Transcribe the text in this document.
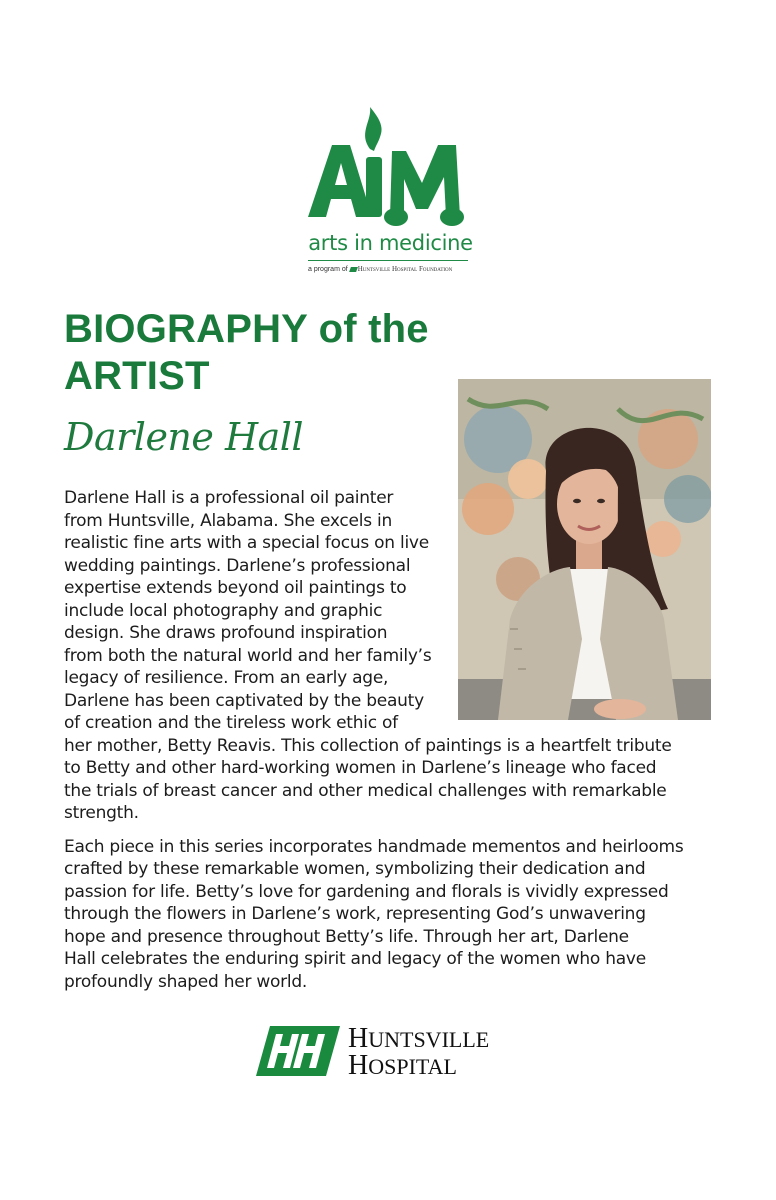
arts in medicine
a program of Huntsville Hospital Foundation
BIOGRAPHY of the
ARTIST
Darlene Hall

Darlene Hall is a professional oil painter
from Huntsville, Alabama. She excels in
realistic fine arts with a special focus on live
wedding paintings. Darlene’s professional
expertise extends beyond oil paintings to
include local photography and graphic
design. She draws profound inspiration
from both the natural world and her family’s
legacy of resilience. From an early age,
Darlene has been captivated by the beauty
of creation and the tireless work ethic of
her mother, Betty Reavis. This collection of paintings is a heartfelt tribute
to Betty and other hard-working women in Darlene’s lineage who faced
the trials of breast cancer and other medical challenges with remarkable
strength.

Each piece in this series incorporates handmade mementos and heirlooms
crafted by these remarkable women, symbolizing their dedication and
passion for life. Betty’s love for gardening and florals is vividly expressed
through the flowers in Darlene’s work, representing God’s unwavering
hope and presence throughout Betty’s life. Through her art, Darlene
Hall celebrates the enduring spirit and legacy of the women who have
profoundly shaped her world.

HUNTSVILLE
HOSPITAL
